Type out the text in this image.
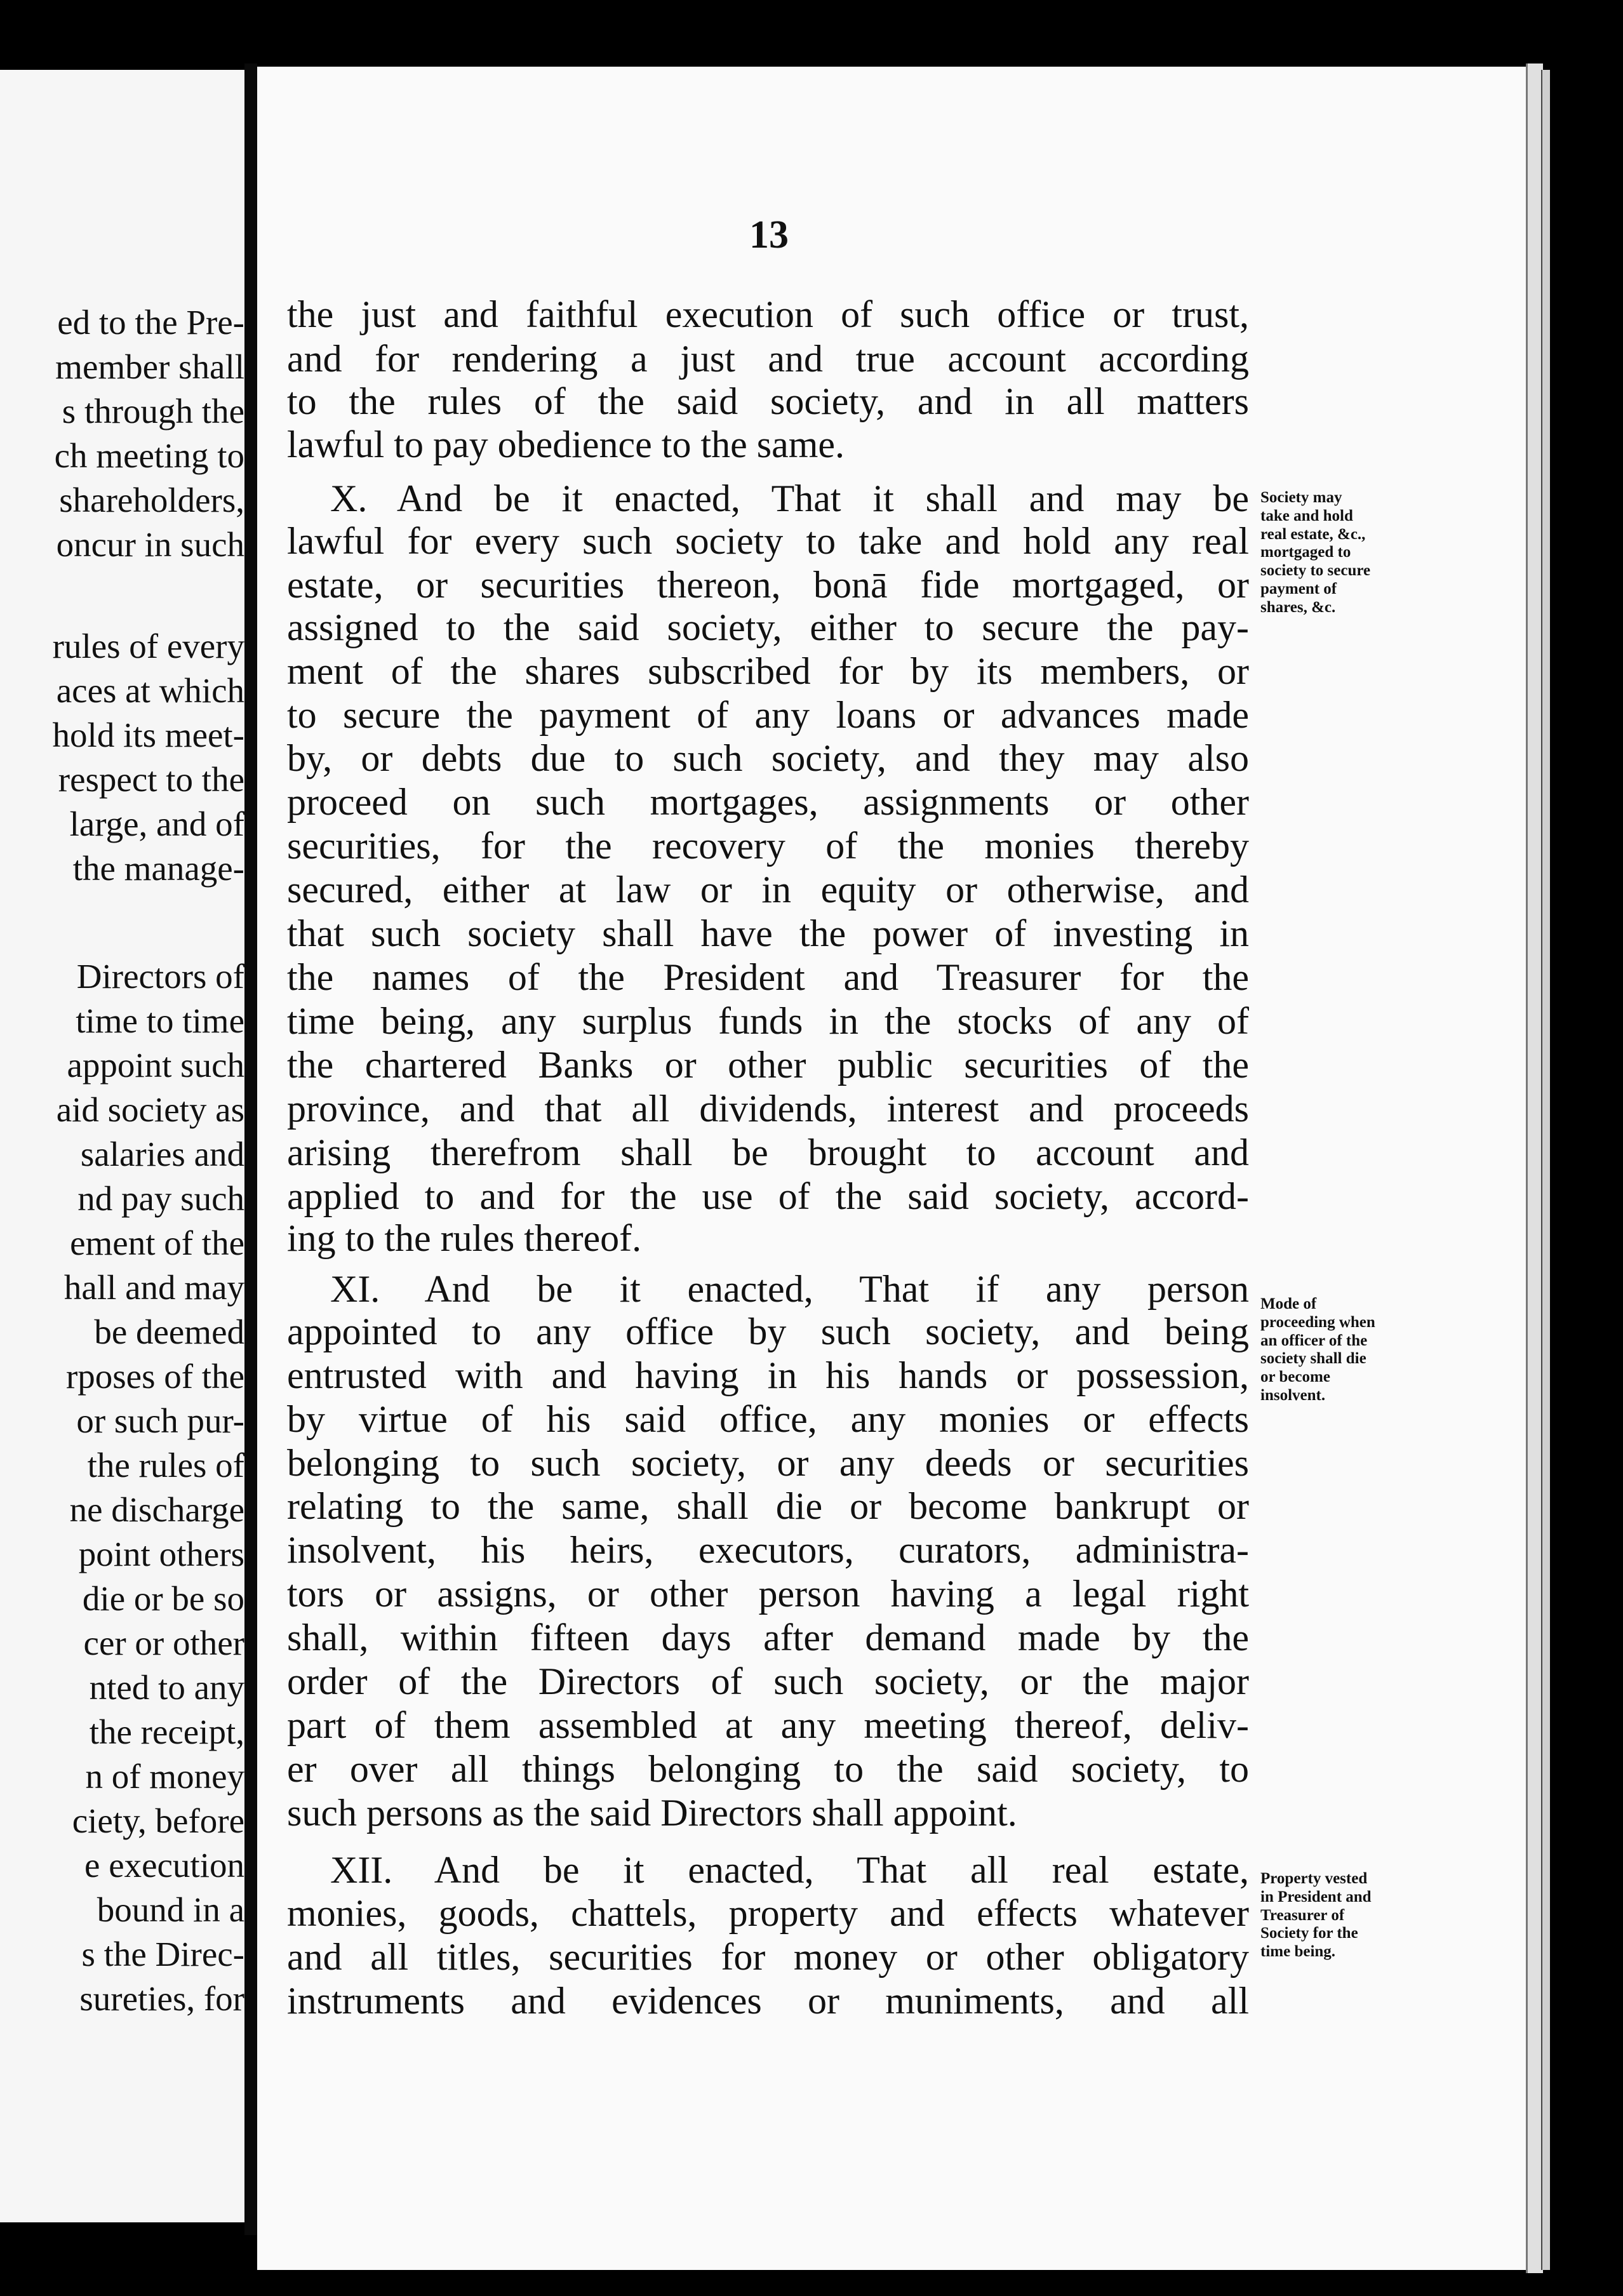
ed to the Pre-
member shall
s through the
ch meeting to
shareholders,
oncur in such
rules of every
aces at which
hold its meet-
respect to the
large, and of
the manage-
Directors of
time to time
appoint such
aid society as
salaries and
nd pay such
ement of the
hall and may
be deemed
rposes of the
or such pur-
the rules of
ne discharge
point others
die or be so
cer or other
nted to any
the receipt,
n of money
ciety, before
e execution
bound in a
s the Direc-
sureties, for
13
the just and faithful execution of such office or trust,
and for rendering a just and true account according
to the rules of the said society, and in all matters
lawful to pay obedience to the same.
X. And be it enacted, That it shall and may be
lawful for every such society to take and hold any real
estate, or securities thereon, bonā fide mortgaged, or
assigned to the said society, either to secure the pay-
ment of the shares subscribed for by its members, or
to secure the payment of any loans or advances made
by, or debts due to such society, and they may also
proceed on such mortgages, assignments or other
securities, for the recovery of the monies thereby
secured, either at law or in equity or otherwise, and
that such society shall have the power of investing in
the names of the President and Treasurer for the
time being, any surplus funds in the stocks of any of
the chartered Banks or other public securities of the
province, and that all dividends, interest and proceeds
arising therefrom shall be brought to account and
applied to and for the use of the said society, accord-
ing to the rules thereof.
XI. And be it enacted, That if any person
appointed to any office by such society, and being
entrusted with and having in his hands or possession,
by virtue of his said office, any monies or effects
belonging to such society, or any deeds or securities
relating to the same, shall die or become bankrupt or
insolvent, his heirs, executors, curators, administra-
tors or assigns, or other person having a legal right
shall, within fifteen days after demand made by the
order of the Directors of such society, or the major
part of them assembled at any meeting thereof, deliv-
er over all things belonging to the said society, to
such persons as the said Directors shall appoint.
XII. And be it enacted, That all real estate,
monies, goods, chattels, property and effects whatever
and all titles, securities for money or other obligatory
instruments and evidences or muniments, and all
Society may
take and hold
real estate, &c.,
mortgaged to
society to secure
payment of
shares, &c.
Mode of
proceeding when
an officer of the
society shall die
or become
insolvent.
Property vested
in President and
Treasurer of
Society for the
time being.
